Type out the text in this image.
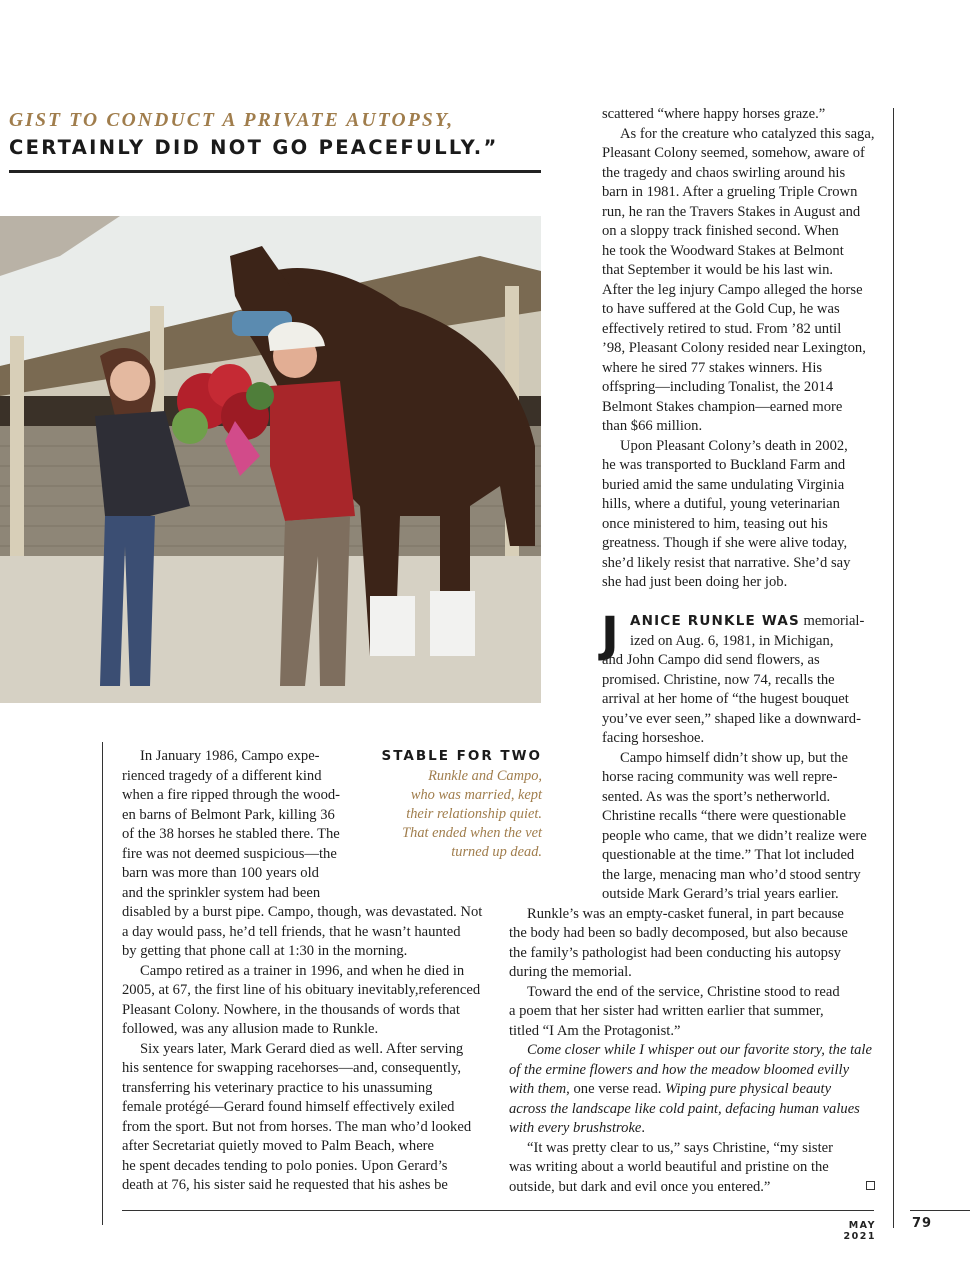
GIST TO CONDUCT A PRIVATE AUTOPSY,
CERTAINLY DID NOT GO PEACEFULLY.”
STABLE FOR TWO
Runkle and Campo,
who was married, kept
their relationship quiet.
That ended when the vet
turned up dead.
In January 1986, Campo expe-
rienced tragedy of a different kind
when a fire ripped through the wood-
en barns of Belmont Park, killing 36
of the 38 horses he stabled there. The
fire was not deemed suspicious—the
barn was more than 100 years old
and the sprinkler system had been
disabled by a burst pipe. Campo, though, was devastated. Not
a day would pass, he’d tell friends, that he wasn’t haunted
by getting that phone call at 1:30 in the morning.
Campo retired as a trainer in 1996, and when he died in
2005, at 67, the first line of his obituary inevitably,referenced
Pleasant Colony. Nowhere, in the thousands of words that
followed, was any allusion made to Runkle.
Six years later, Mark Gerard died as well. After serving
his sentence for swapping racehorses—and, consequently,
transferring his veterinary practice to his unassuming
female protégé—Gerard found himself effectively exiled
from the sport. But not from horses. The man who’d looked
after Secretariat quietly moved to Palm Beach, where
he spent decades tending to polo ponies. Upon Gerard’s
death at 76, his sister said he requested that his ashes be
scattered “where happy horses graze.”
As for the creature who catalyzed this saga,
Pleasant Colony seemed, somehow, aware of
the tragedy and chaos swirling around his
barn in 1981. After a grueling Triple Crown
run, he ran the Travers Stakes in August and
on a sloppy track finished second. When
he took the Woodward Stakes at Belmont
that September it would be his last win.
After the leg injury Campo alleged the horse
to have suffered at the Gold Cup, he was
effectively retired to stud. From ’82 until
’98, Pleasant Colony resided near Lexington,
where he sired 77 stakes winners. His
offspring—including Tonalist, the 2014
Belmont Stakes champion—earned more
than $66 million.
Upon Pleasant Colony’s death in 2002,
he was transported to Buckland Farm and
buried amid the same undulating Virginia
hills, where a dutiful, young veterinarian
once ministered to him, teasing out his
greatness. Though if she were alive today,
she’d likely resist that narrative. She’d say
she had just been doing her job.
J ANICE RUNKLE WAS memorial-
ized on Aug. 6, 1981, in Michigan,
and John Campo did send flowers, as
promised. Christine, now 74, recalls the
arrival at her home of “the hugest bouquet
you’ve ever seen,” shaped like a downward-
facing horseshoe.
Campo himself didn’t show up, but the
horse racing community was well repre-
sented. As was the sport’s netherworld.
Christine recalls “there were questionable
people who came, that we didn’t realize were
questionable at the time.” That lot included
the large, menacing man who’d stood sentry
outside Mark Gerard’s trial years earlier.
Runkle’s was an empty-casket funeral, in part because
the body had been so badly decomposed, but also because
the family’s pathologist had been conducting his autopsy
during the memorial.
Toward the end of the service, Christine stood to read
a poem that her sister had written earlier that summer,
titled “I Am the Protagonist.”
Come closer while I whisper out our favorite story, the tale
of the ermine flowers and how the meadow bloomed evilly
with them, one verse read. Wiping pure physical beauty
across the landscape like cold paint, defacing human values
with every brushstroke.
“It was pretty clear to us,” says Christine, “my sister
was writing about a world beautiful and pristine on the
outside, but dark and evil once you entered.”
MAY 2021
79
